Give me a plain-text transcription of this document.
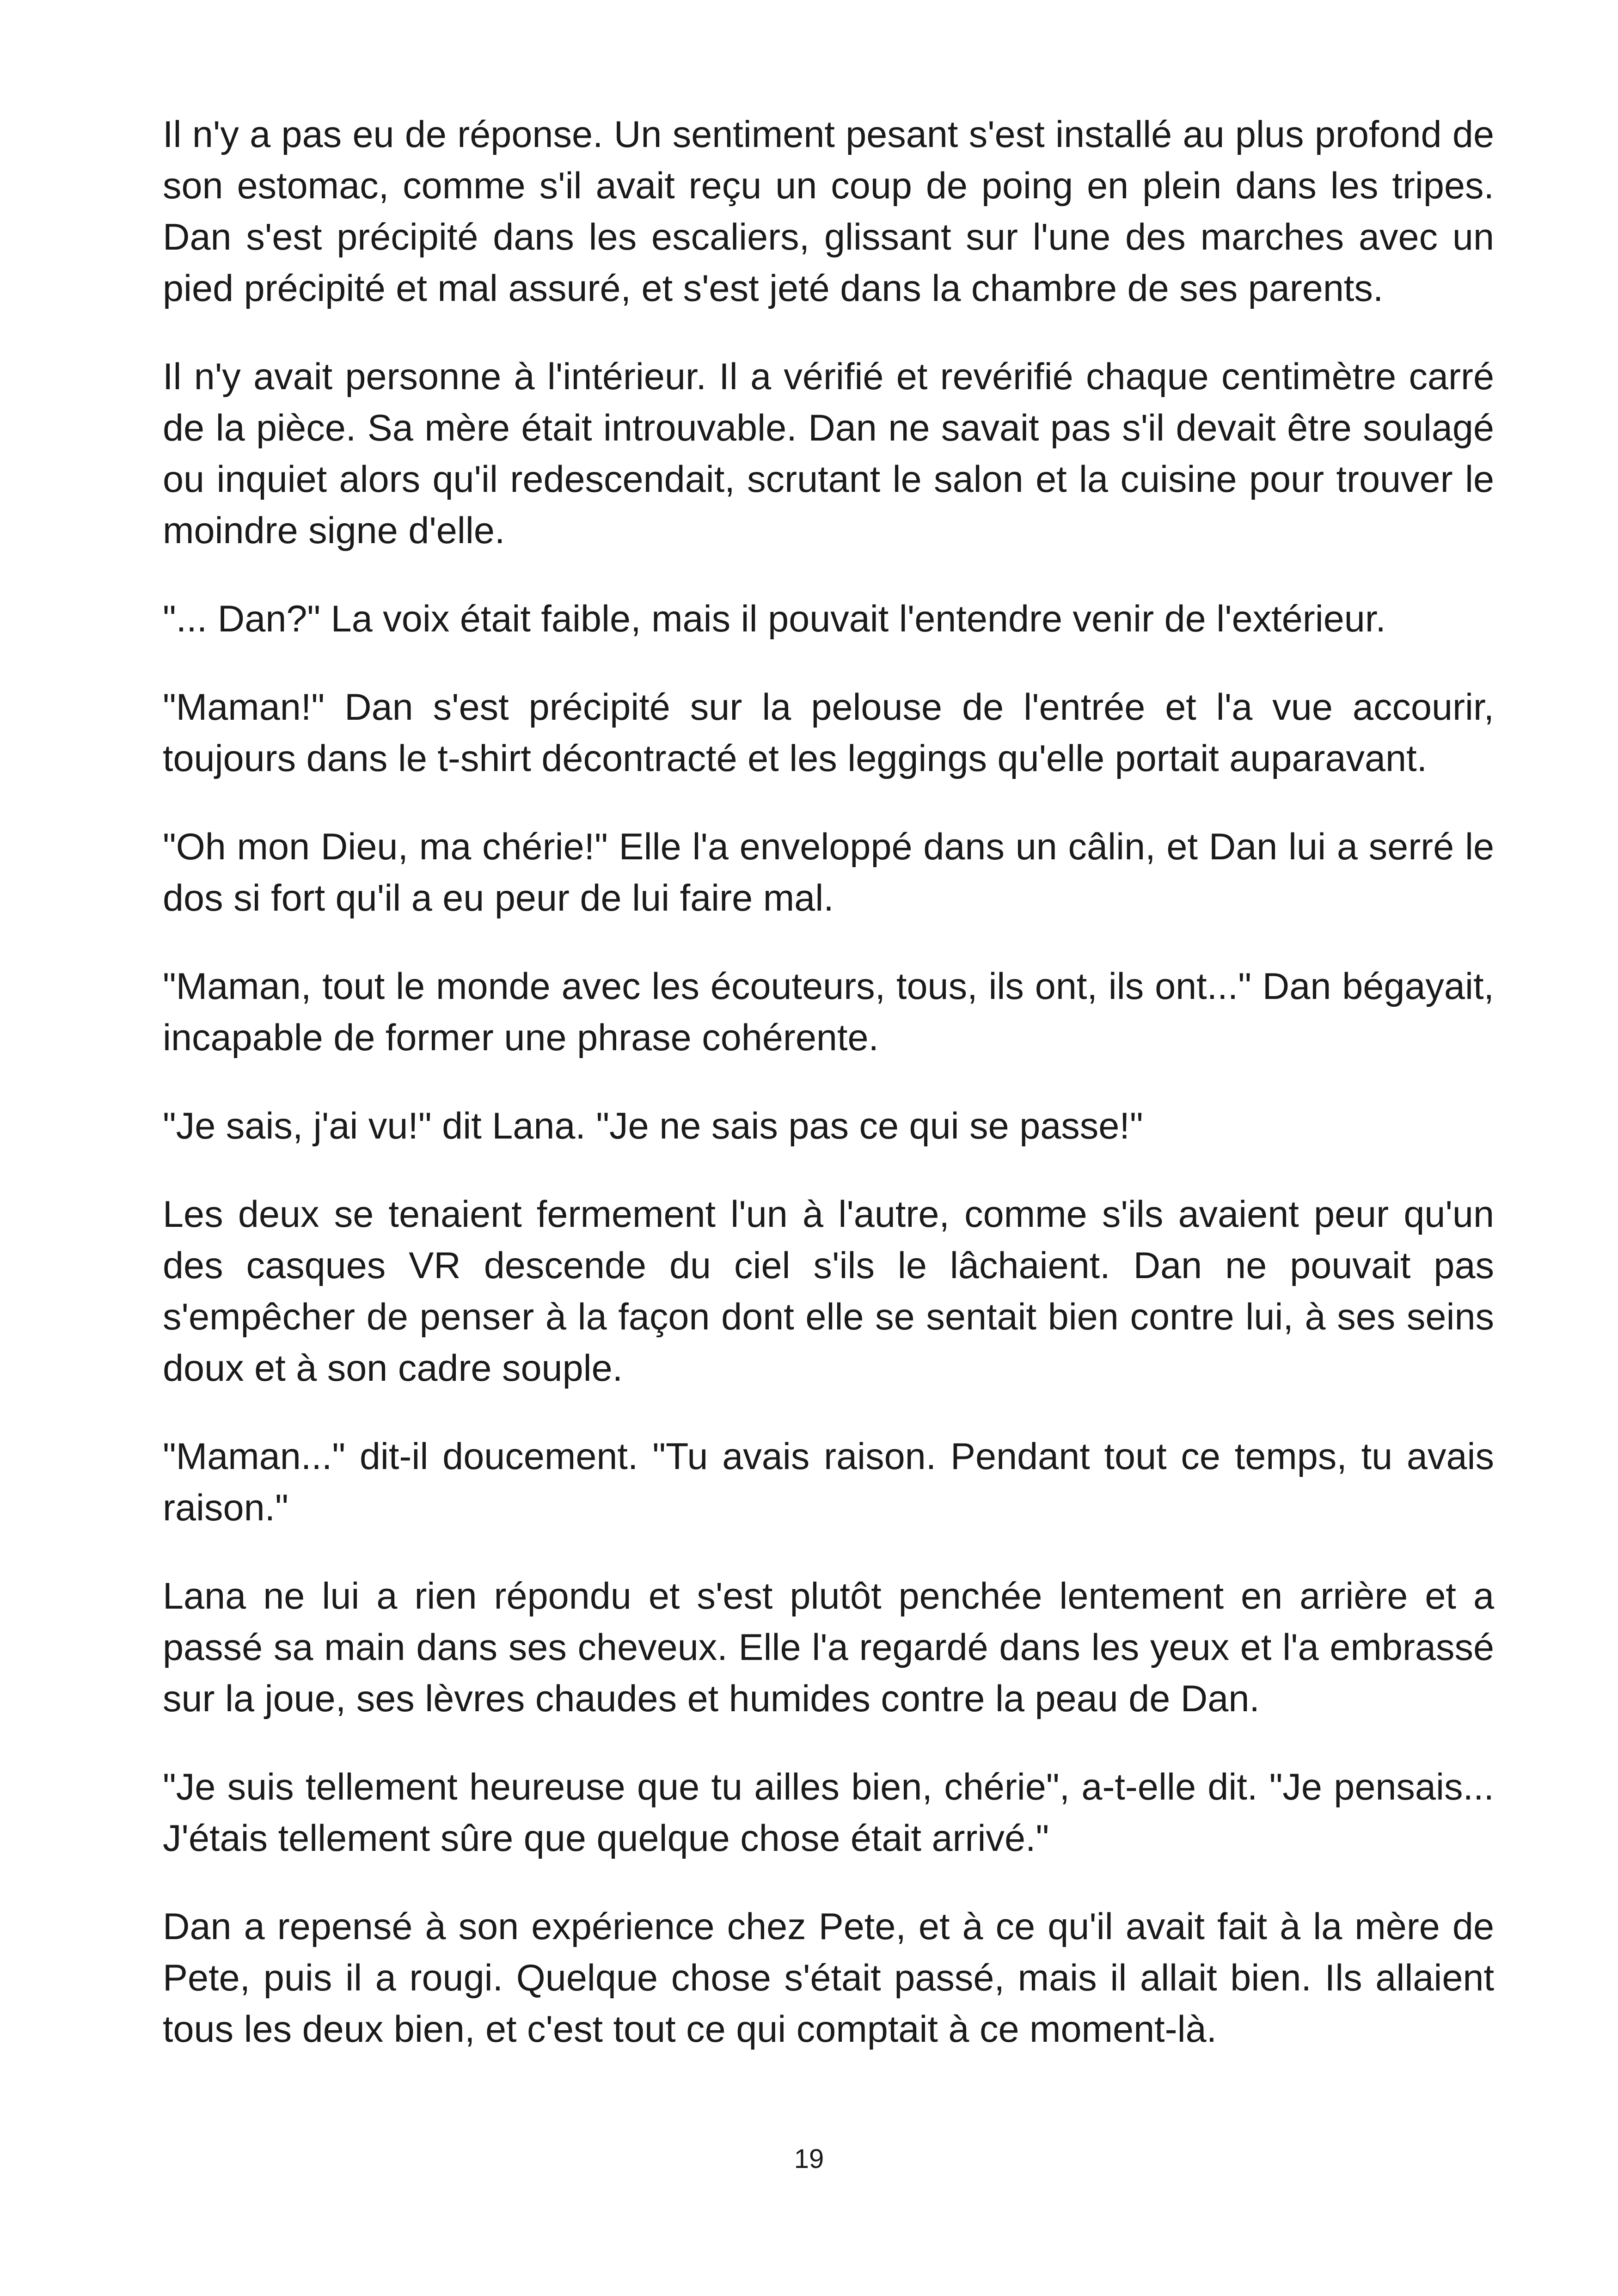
Il n'y a pas eu de réponse. Un sentiment pesant s'est installé au plus profond de son estomac, comme s'il avait reçu un coup de poing en plein dans les tripes. Dan s'est précipité dans les escaliers, glissant sur l'une des marches avec un pied précipité et mal assuré, et s'est jeté dans la chambre de ses parents.

Il n'y avait personne à l'intérieur. Il a vérifié et revérifié chaque centimètre carré de la pièce. Sa mère était introuvable. Dan ne savait pas s'il devait être soulagé ou inquiet alors qu'il redescendait, scrutant le salon et la cuisine pour trouver le moindre signe d'elle.

"... Dan?" La voix était faible, mais il pouvait l'entendre venir de l'extérieur.

"Maman!" Dan s'est précipité sur la pelouse de l'entrée et l'a vue accourir, toujours dans le t-shirt décontracté et les leggings qu'elle portait auparavant.

"Oh mon Dieu, ma chérie!" Elle l'a enveloppé dans un câlin, et Dan lui a serré le dos si fort qu'il a eu peur de lui faire mal.

"Maman, tout le monde avec les écouteurs, tous, ils ont, ils ont..." Dan bégayait, incapable de former une phrase cohérente.

"Je sais, j'ai vu!" dit Lana. "Je ne sais pas ce qui se passe!"

Les deux se tenaient fermement l'un à l'autre, comme s'ils avaient peur qu'un des casques VR descende du ciel s'ils le lâchaient. Dan ne pouvait pas s'empêcher de penser à la façon dont elle se sentait bien contre lui, à ses seins doux et à son cadre souple.

"Maman..." dit-il doucement. "Tu avais raison. Pendant tout ce temps, tu avais raison."

Lana ne lui a rien répondu et s'est plutôt penchée lentement en arrière et a passé sa main dans ses cheveux. Elle l'a regardé dans les yeux et l'a embrassé sur la joue, ses lèvres chaudes et humides contre la peau de Dan.

"Je suis tellement heureuse que tu ailles bien, chérie", a-t-elle dit. "Je pensais... J'étais tellement sûre que quelque chose était arrivé."

Dan a repensé à son expérience chez Pete, et à ce qu'il avait fait à la mère de Pete, puis il a rougi. Quelque chose s'était passé, mais il allait bien. Ils allaient tous les deux bien, et c'est tout ce qui comptait à ce moment-là.

19
